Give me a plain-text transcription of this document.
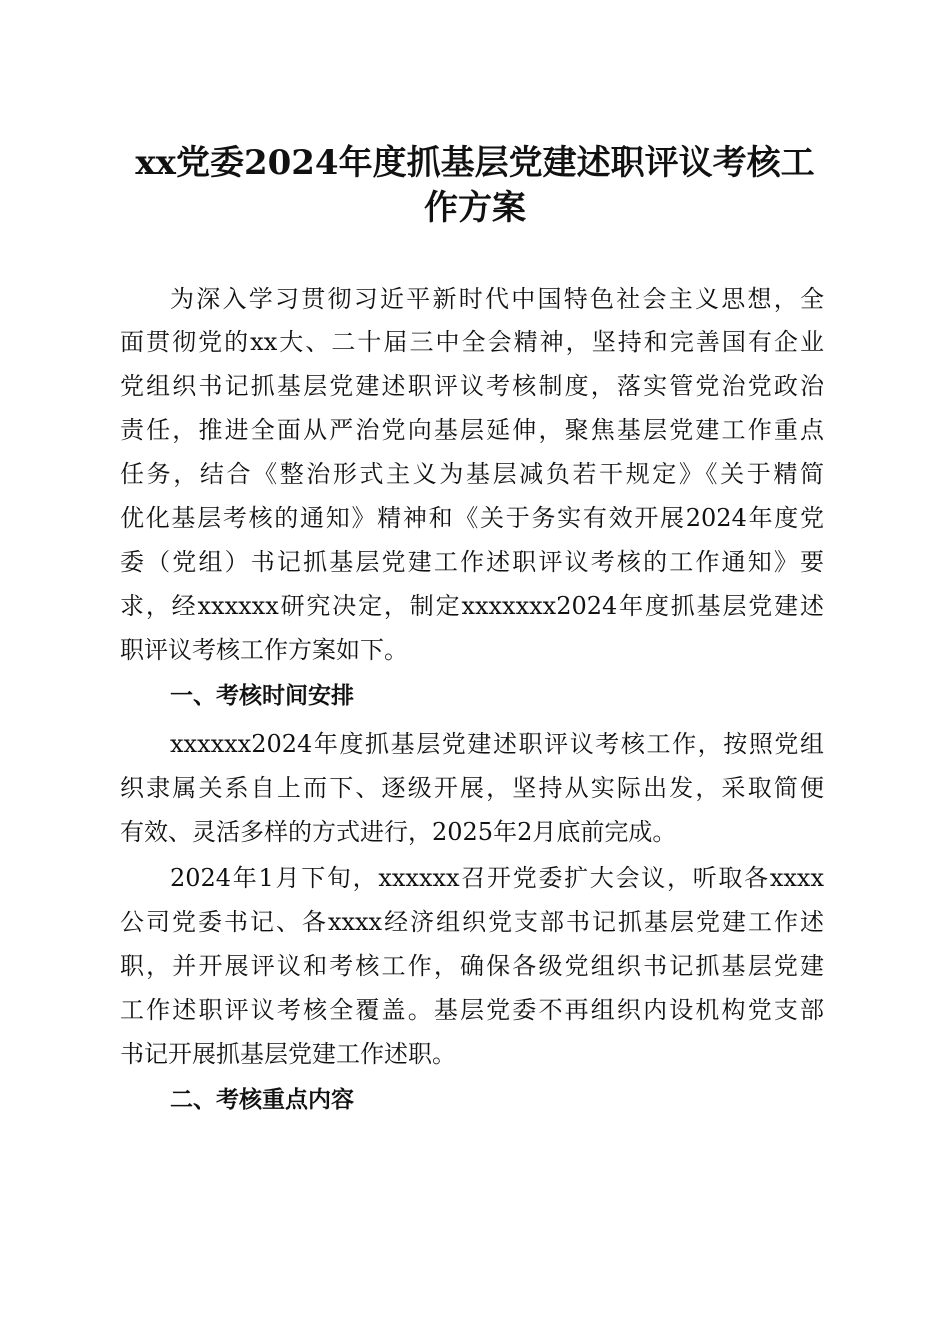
xx党委2024年度抓基层党建述职评议考核工
作方案
为深入学习贯彻习近平新时代中国特色社会主义思想，全
面贯彻党的xx大、二十届三中全会精神，坚持和完善国有企业
党组织书记抓基层党建述职评议考核制度，落实管党治党政治
责任，推进全面从严治党向基层延伸，聚焦基层党建工作重点
任务，结合《整治形式主义为基层减负若干规定》《关于精简
优化基层考核的通知》精神和《关于务实有效开展2024年度党
委（党组）书记抓基层党建工作述职评议考核的工作通知》要
求，经xxxxxx研究决定，制定xxxxxxx2024年度抓基层党建述
职评议考核工作方案如下。
一、考核时间安排
xxxxxx2024年度抓基层党建述职评议考核工作，按照党组
织隶属关系自上而下、逐级开展，坚持从实际出发，采取简便
有效、灵活多样的方式进行，2025年2月底前完成。
2024年1月下旬，xxxxxx召开党委扩大会议，听取各xxxx
公司党委书记、各xxxx经济组织党支部书记抓基层党建工作述
职，并开展评议和考核工作，确保各级党组织书记抓基层党建
工作述职评议考核全覆盖。基层党委不再组织内设机构党支部
书记开展抓基层党建工作述职。
二、考核重点内容
